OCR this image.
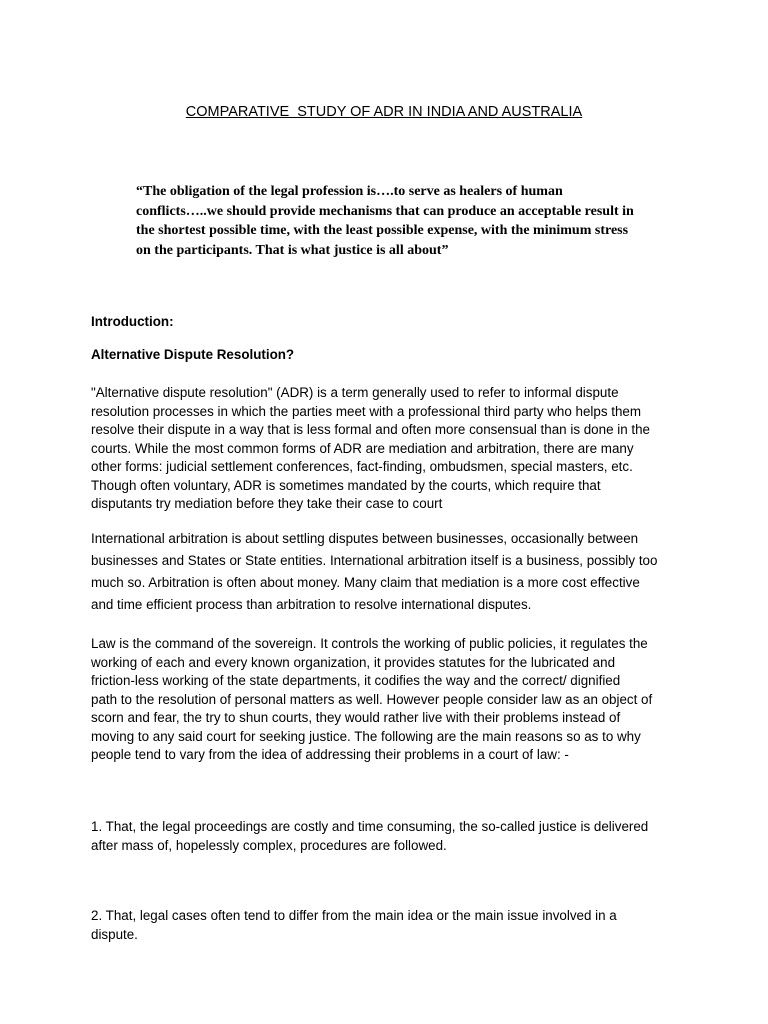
COMPARATIVE  STUDY OF ADR IN INDIA AND AUSTRALIA
“The obligation of the legal profession is….to serve as healers of human
conflicts…..we should provide mechanisms that can produce an acceptable result in
the shortest possible time, with the least possible expense, with the minimum stress
on the participants. That is what justice is all about”
Introduction:
Alternative Dispute Resolution?
"Alternative dispute resolution" (ADR) is a term generally used to refer to informal dispute
resolution processes in which the parties meet with a professional third party who helps them
resolve their dispute in a way that is less formal and often more consensual than is done in the
courts. While the most common forms of ADR are mediation and arbitration, there are many
other forms: judicial settlement conferences, fact-finding, ombudsmen, special masters, etc.
Though often voluntary, ADR is sometimes mandated by the courts, which require that
disputants try mediation before they take their case to court
International arbitration is about settling disputes between businesses, occasionally between
businesses and States or State entities. International arbitration itself is a business, possibly too
much so. Arbitration is often about money. Many claim that mediation is a more cost effective
and time efficient process than arbitration to resolve international disputes.
Law is the command of the sovereign. It controls the working of public policies, it regulates the
working of each and every known organization, it provides statutes for the lubricated and
friction-less working of the state departments, it codifies the way and the correct/ dignified
path to the resolution of personal matters as well. However people consider law as an object of
scorn and fear, the try to shun courts, they would rather live with their problems instead of
moving to any said court for seeking justice. The following are the main reasons so as to why
people tend to vary from the idea of addressing their problems in a court of law: -
1. That, the legal proceedings are costly and time consuming, the so-called justice is delivered
after mass of, hopelessly complex, procedures are followed.
2. That, legal cases often tend to differ from the main idea or the main issue involved in a
dispute.
